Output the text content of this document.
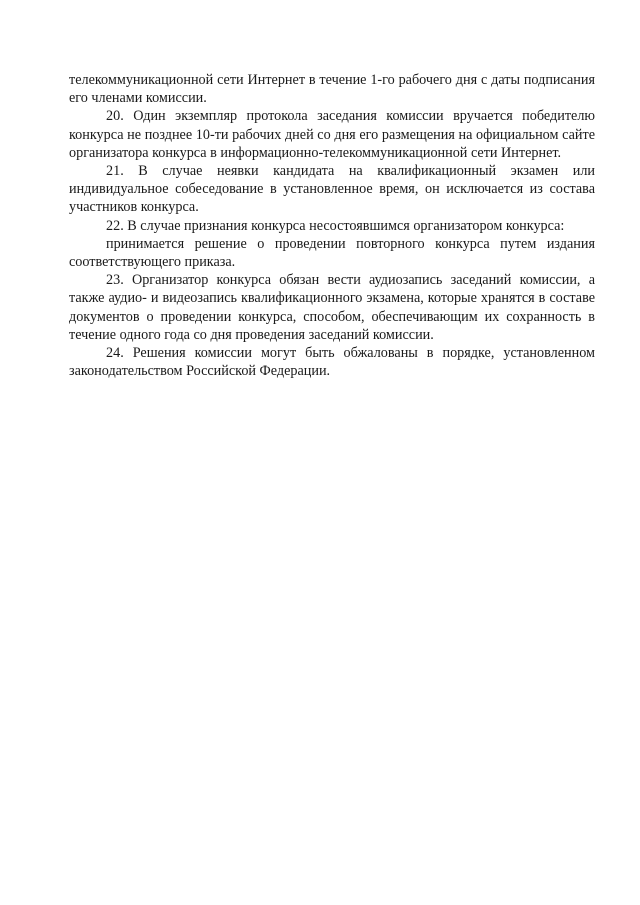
телекоммуникационной сети Интернет в течение 1-го рабочего дня с даты подписания его членами комиссии.

20. Один экземпляр протокола заседания комиссии вручается победителю конкурса не позднее 10-ти рабочих дней со дня его размещения на официальном сайте организатора конкурса в информационно-телекоммуникационной сети Интернет.

21. В случае неявки кандидата на квалификационный экзамен или индивидуальное собеседование в установленное время, он исключается из состава участников конкурса.

22. В случае признания конкурса несостоявшимся организатором конкурса:

принимается решение о проведении повторного конкурса путем издания соответствующего приказа.

23. Организатор конкурса обязан вести аудиозапись заседаний комиссии, а также аудио- и видеозапись квалификационного экзамена, которые хранятся в составе документов о проведении конкурса, способом, обеспечивающим их сохранность в течение одного года со дня проведения заседаний комиссии.

24. Решения комиссии могут быть обжалованы в порядке, установленном законодательством Российской Федерации.
